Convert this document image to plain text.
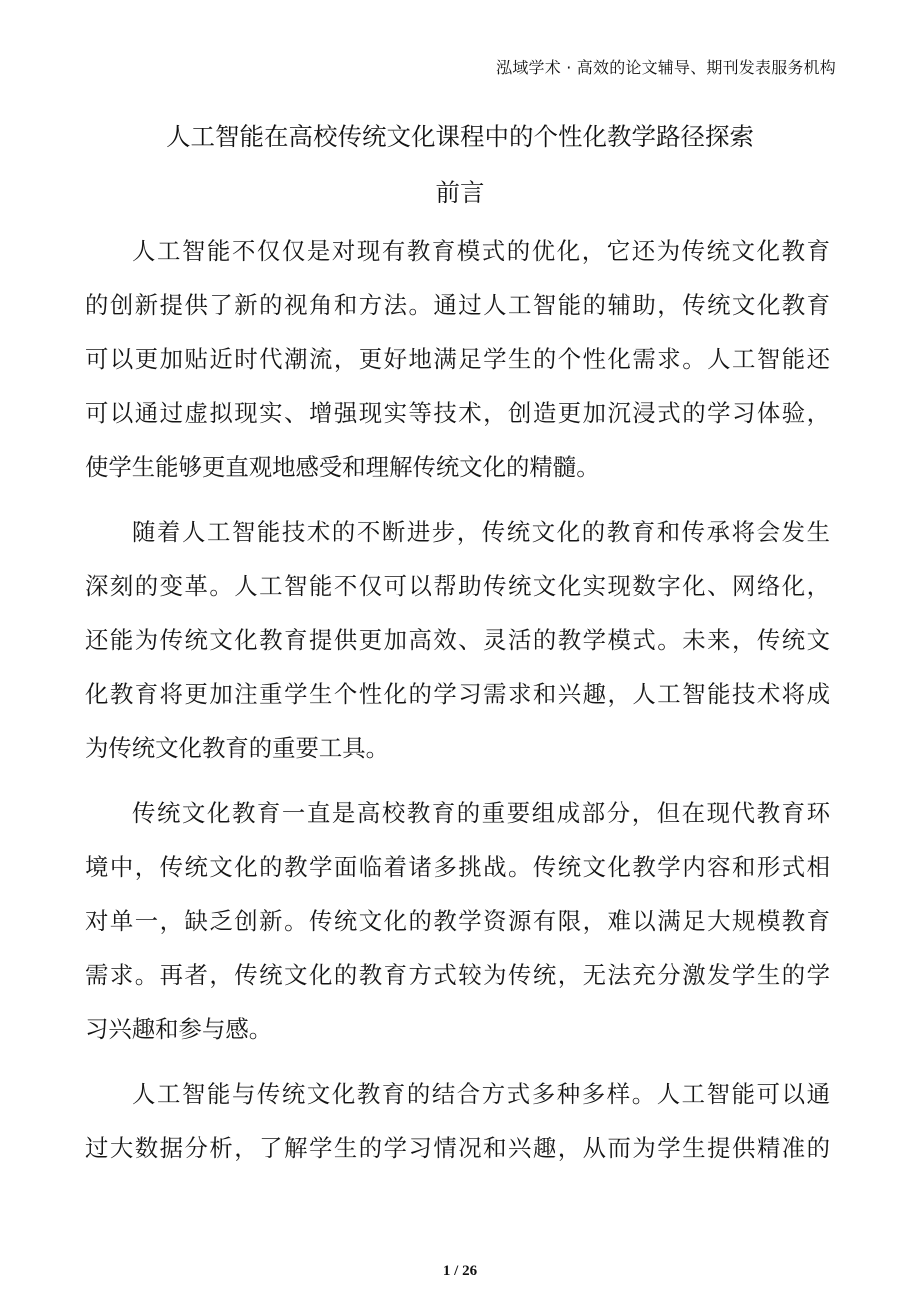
泓域学术 · 高效的论文辅导、期刊发表服务机构
人工智能在高校传统文化课程中的个性化教学路径探索
前言
人工智能不仅仅是对现有教育模式的优化，它还为传统文化教育
的创新提供了新的视角和方法。通过人工智能的辅助，传统文化教育
可以更加贴近时代潮流，更好地满足学生的个性化需求。人工智能还
可以通过虚拟现实、增强现实等技术，创造更加沉浸式的学习体验，
使学生能够更直观地感受和理解传统文化的精髓。
随着人工智能技术的不断进步，传统文化的教育和传承将会发生
深刻的变革。人工智能不仅可以帮助传统文化实现数字化、网络化，
还能为传统文化教育提供更加高效、灵活的教学模式。未来，传统文
化教育将更加注重学生个性化的学习需求和兴趣，人工智能技术将成
为传统文化教育的重要工具。
传统文化教育一直是高校教育的重要组成部分，但在现代教育环
境中，传统文化的教学面临着诸多挑战。传统文化教学内容和形式相
对单一，缺乏创新。传统文化的教学资源有限，难以满足大规模教育
需求。再者，传统文化的教育方式较为传统，无法充分激发学生的学
习兴趣和参与感。
人工智能与传统文化教育的结合方式多种多样。人工智能可以通
过大数据分析，了解学生的学习情况和兴趣，从而为学生提供精准的
1 / 26
